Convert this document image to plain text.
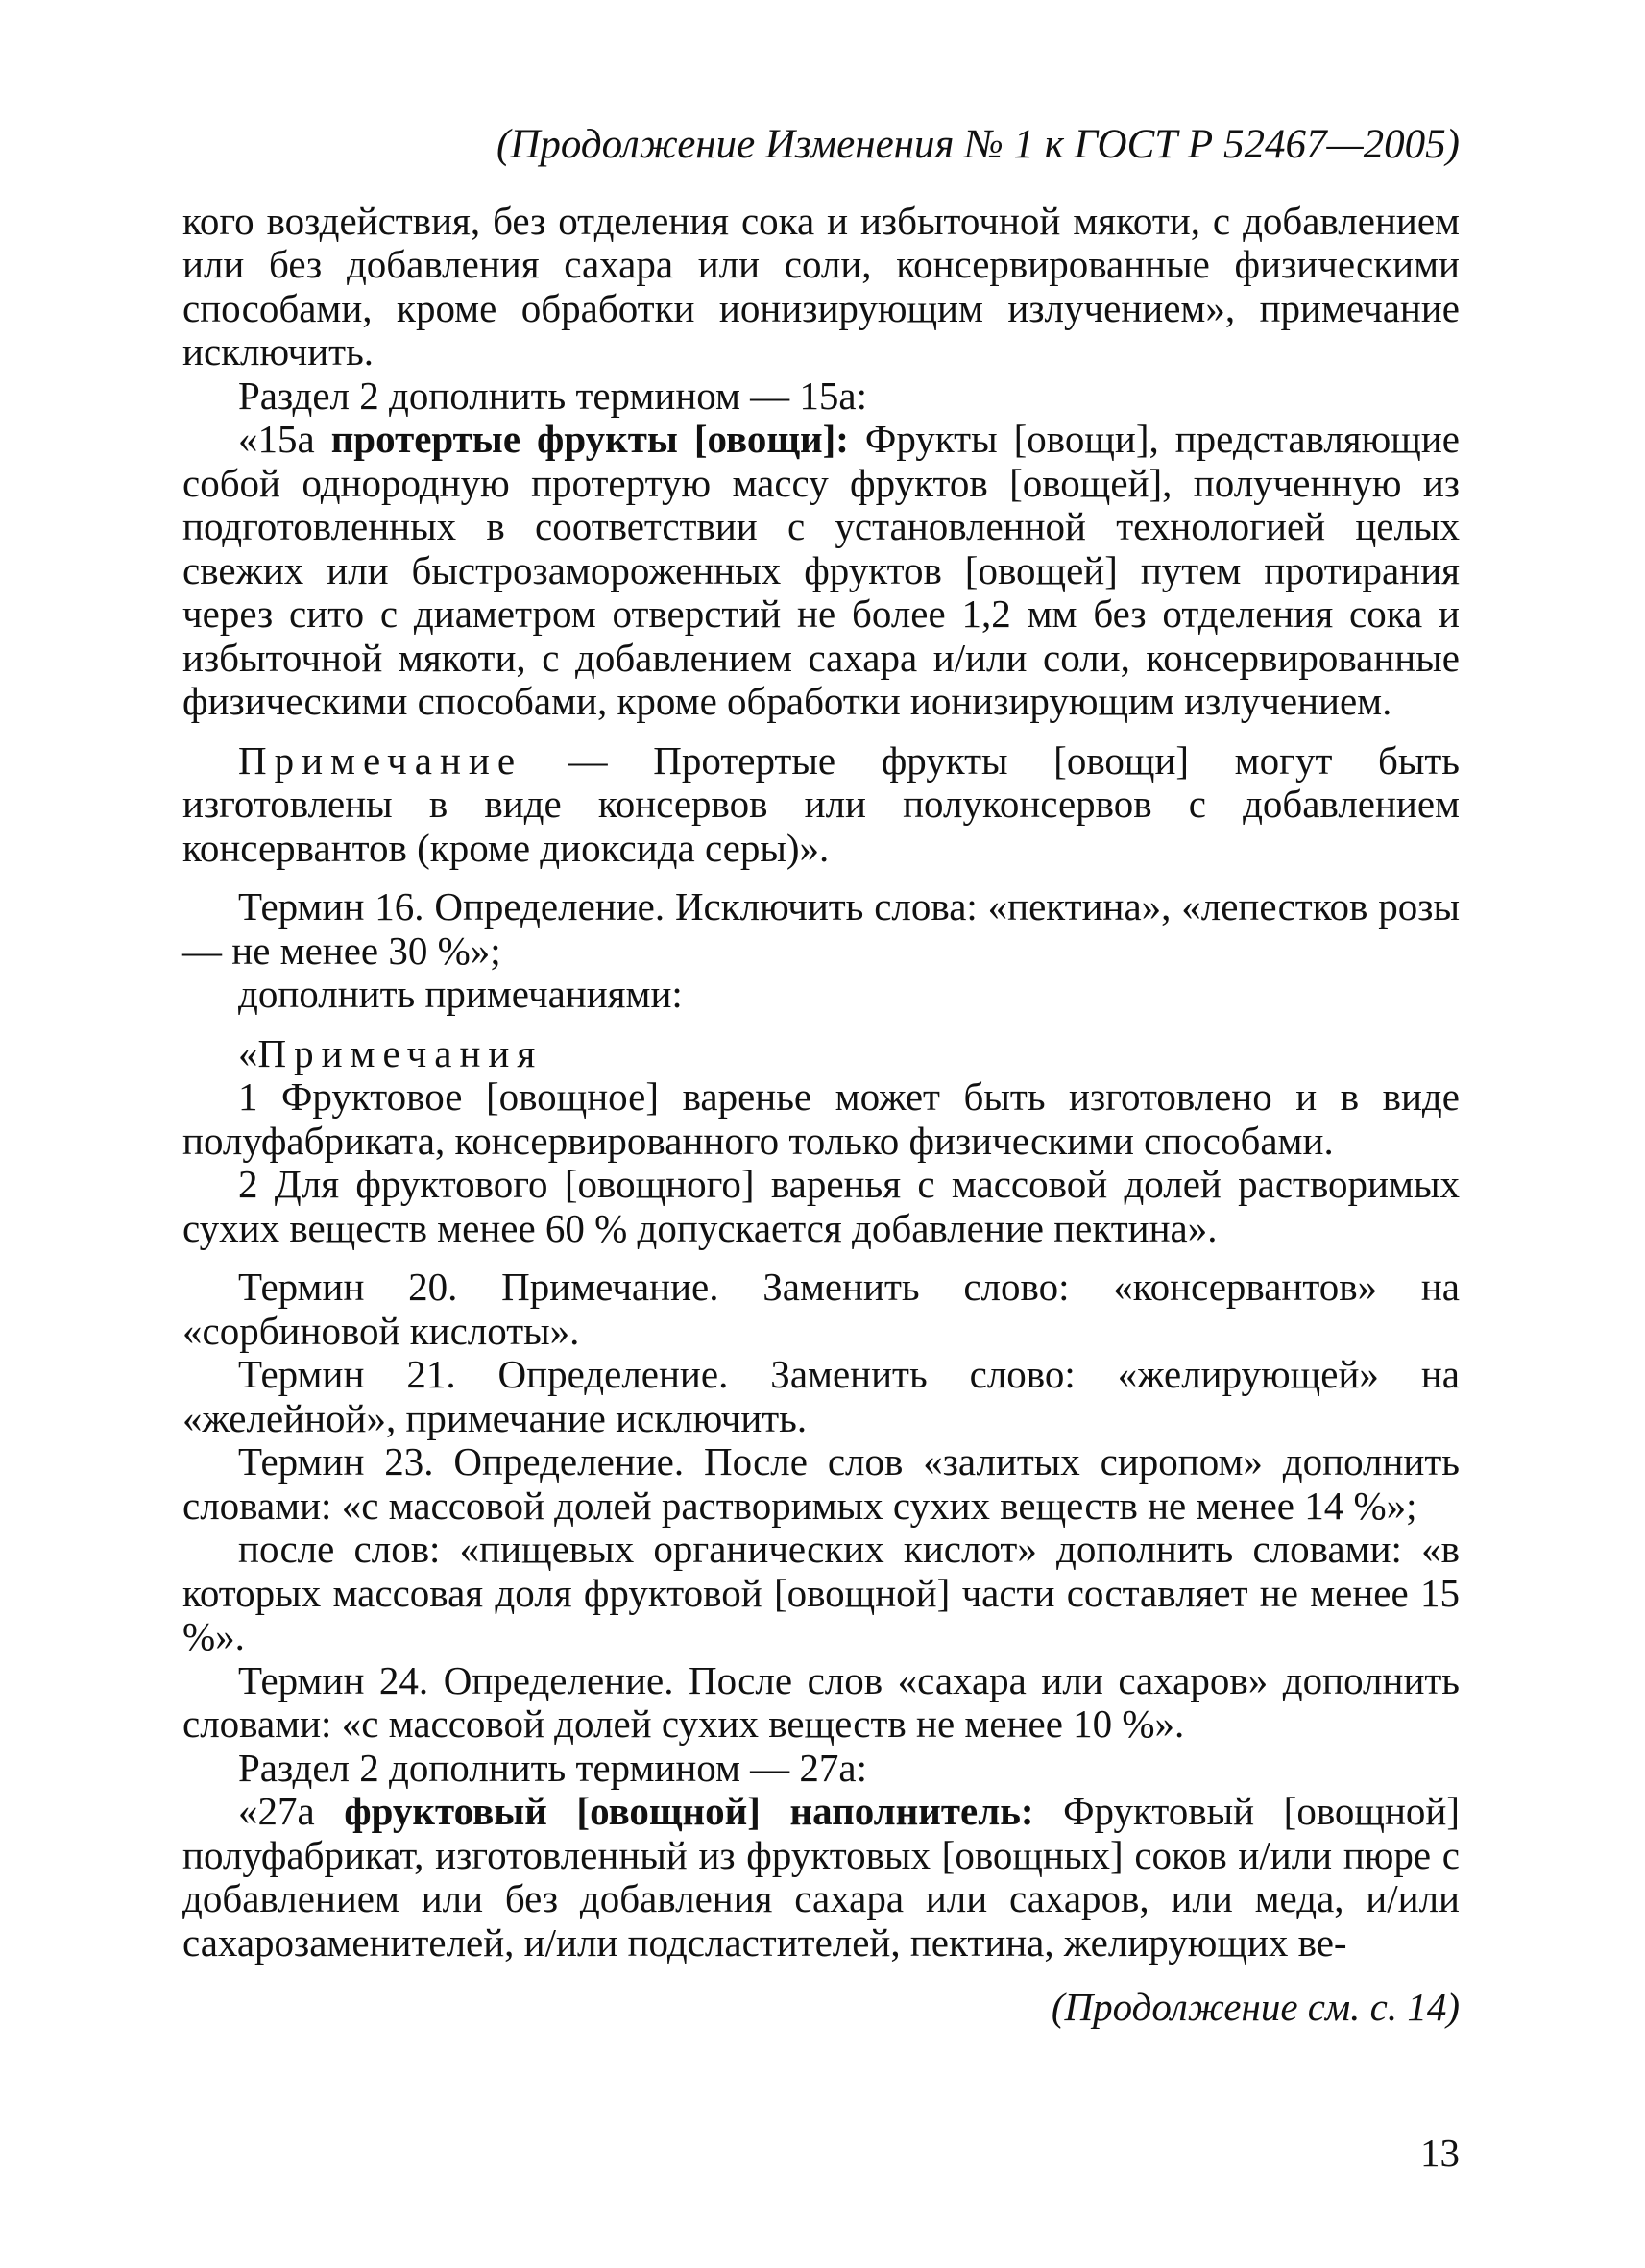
(Продолжение Изменения № 1 к ГОСТ Р 52467—2005)

кого воздействия, без отделения сока и избыточной мякоти, с добавлением или без добавления сахара или соли, консервированные физическими способами, кроме обработки ионизирующим излучением», примечание исключить.

Раздел 2 дополнить термином — 15а:

«15а протертые фрукты [овощи]: Фрукты [овощи], представляющие собой однородную протертую массу фруктов [овощей], полученную из подготовленных в соответствии с установленной технологией целых свежих или быстрозамороженных фруктов [овощей] путем протирания через сито с диаметром отверстий не более 1,2 мм без отделения сока и избыточной мякоти, с добавлением сахара и/или соли, консервированные физическими способами, кроме обработки ионизирующим излучением.

Примечание — Протертые фрукты [овощи] могут быть изготовлены в виде консервов или полуконсервов с добавлением консервантов (кроме диоксида серы)».

Термин 16. Определение. Исключить слова: «пектина», «лепестков розы — не менее 30 %»;

дополнить примечаниями:

«Примечания

1 Фруктовое [овощное] варенье может быть изготовлено и в виде полуфабриката, консервированного только физическими способами.

2 Для фруктового [овощного] варенья с массовой долей растворимых сухих веществ менее 60 % допускается добавление пектина».

Термин 20. Примечание. Заменить слово: «консервантов» на «сорбиновой кислоты».

Термин 21. Определение. Заменить слово: «желирующей» на «желейной», примечание исключить.

Термин 23. Определение. После слов «залитых сиропом» дополнить словами: «с массовой долей растворимых сухих веществ не менее 14 %»;

после слов: «пищевых органических кислот» дополнить словами: «в которых массовая доля фруктовой [овощной] части составляет не менее 15 %».

Термин 24. Определение. После слов «сахара или сахаров» дополнить словами: «с массовой долей сухих веществ не менее 10 %».

Раздел 2 дополнить термином — 27а:

«27а фруктовый [овощной] наполнитель: Фруктовый [овощной] полуфабрикат, изготовленный из фруктовых [овощных] соков и/или пюре с добавлением или без добавления сахара или сахаров, или меда, и/или сахарозаменителей, и/или подсластителей, пектина, желирующих ве-

(Продолжение см. с. 14)
13
